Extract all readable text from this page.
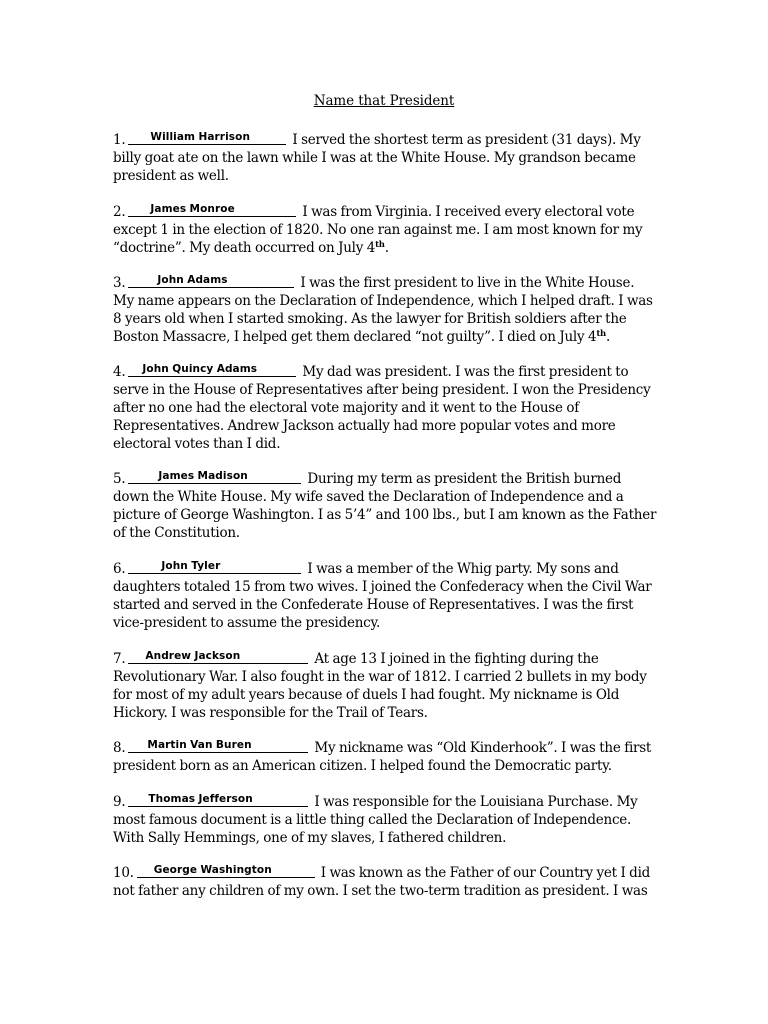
Name that President
1. William Harrison	I served the shortest term as president (31 days). My billy goat ate on the lawn while I was at the White House. My grandson became president as well.
2. James Monroe	I was from Virginia. I received every electoral vote except 1 in the election of 1820. No one ran against me. I am most known for my “doctrine”. My death occurred on July 4th.
3.	John Adams	I was the first president to live in the White House. My name appears on the Declaration of Independence, which I helped draft. I was 8 years old when I started smoking. As the lawyer for British soldiers after the Boston Massacre, I helped get them declared “not guilty”. I died on July 4th.
4. John Quincy Adams	My dad was president. I was the first president to serve in the House of Representatives after being president. I won the Presidency after no one had the electoral vote majority and it went to the House of Representatives. Andrew Jackson actually had more popular votes and more electoral votes than I did.
5.	James Madison	During my term as president the British burned down the White House. My wife saved the Declaration of Independence and a picture of George Washington. I as 5’4” and 100 lbs., but I am known as the Father of the Constitution.
6.	John Tyler	I was a member of the Whig party. My sons and daughters totaled 15 from two wives. I joined the Confederacy when the Civil War started and served in the Confederate House of Representatives. I was the first vice-president to assume the presidency.
7. Andrew Jackson	At age 13 I joined in the fighting during the Revolutionary War. I also fought in the war of 1812. I carried 2 bullets in my body for most of my adult years because of duels I had fought. My nickname is Old Hickory. I was responsible for the Trail of Tears.
8. Martin Van Buren	My nickname was “Old Kinderhook”. I was the first president born as an American citizen. I helped found the Democratic party.
9. Thomas Jefferson	I was responsible for the Louisiana Purchase. My most famous document is a little thing called the Declaration of Independence. With Sally Hemmings, one of my slaves, I fathered children.
10. George Washington	I was known as the Father of our Country yet I did not father any children of my own. I set the two-term tradition as president. I was
